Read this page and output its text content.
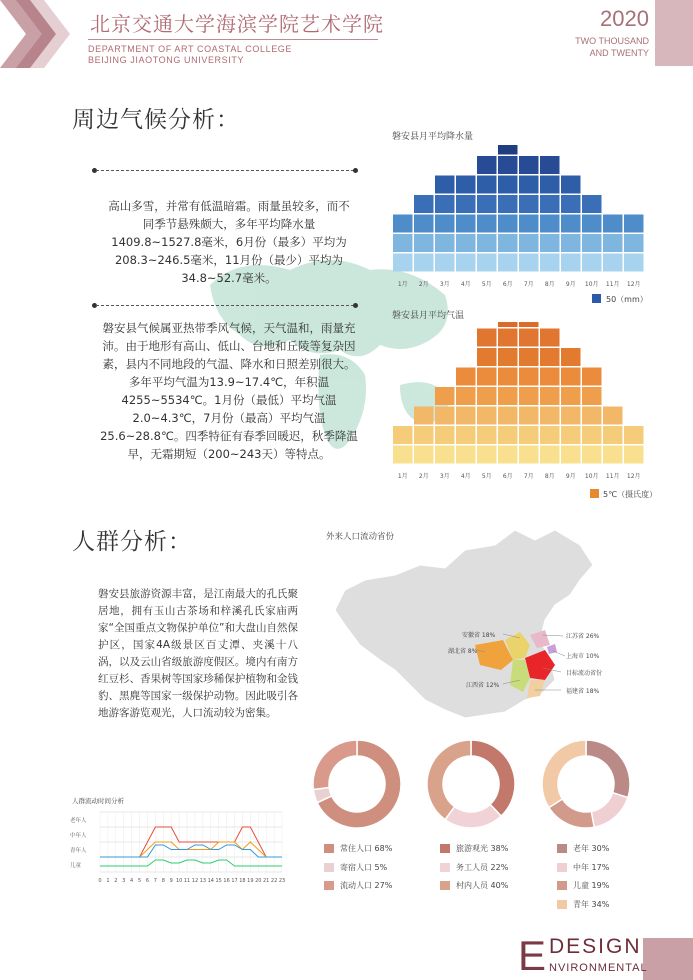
北京交通大学海滨学院艺术学院
DEPARTMENT OF ART COASTAL COLLEGE
BEIJING JIAOTONG UNIVERSITY
2020
TWO THOUSAND
AND TWENTY
周边气候分析：
高山多雪，并常有低温暗霜。雨量虽较多，而不同季节悬殊颇大，多年平均降水量1409.8~1527.8毫米，6月份（最多）平均为208.3~246.5毫米，11月份（最少）平均为34.8~52.7毫米。
磐安县气候属亚热带季风气候，天气温和，雨量充沛。由于地形有高山、低山、台地和丘陵等复杂因素，县内不同地段的气温、降水和日照差别很大。多年平均气温为13.9~17.4℃，年积温4255~5534℃。1月份（最低）平均气温2.0~4.3℃，7月份（最高）平均气温25.6~28.8℃。四季特征有春季回暖迟，秋季降温早，无霜期短（200~243天）等特点。
磐安县月平均降水量
1月 2月 3月 4月 5月 6月 7月 8月 9月 10月 11月 12月
50（mm）
磐安县月平均气温
1月 2月 3月 4月 5月 6月 7月 8月 9月 10月 11月 12月
5℃（摄氏度）
人群分析：
磐安县旅游资源丰富，是江南最大的孔氏聚居地，拥有玉山古茶场和梓溪孔氏家庙两家“全国重点文物保护单位”和大盘山自然保护区，国家4A级景区百丈潭、夹溪十八涡，以及云山省级旅游度假区。境内有南方红豆杉、香果树等国家珍稀保护植物和金钱豹、黑麂等国家一级保护动物。因此吸引各地游客游览观光，人口流动较为密集。
外来人口流动省份
安徽省 18%	江苏省 26%
上海市 10%
目标流动省份
湖北省 8%
江西省 12%
福建省 18%
人群流动时间分析
老年人
中年人
青年人
儿童
0 1 2 3 4 5 6 7 8 9 10 11 12 13 14 15 16 17 18 19 20 21 22 23
常住人口 68%
寄宿人口 5%
流动人口 27%
旅游观光 38%
务工人员 22%
村内人员 40%
老年 30%
中年 17%
儿童 19%
青年 34%
E DESIGN
NVIRONMENTAL
